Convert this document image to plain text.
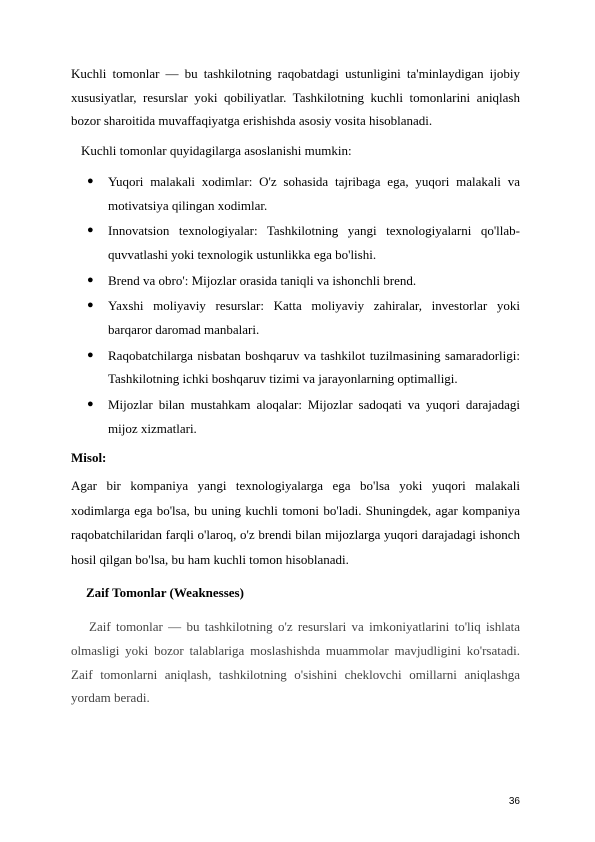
Kuchli tomonlar — bu tashkilotning raqobatdagi ustunligini ta'minlaydigan ijobiy xususiyatlar, resurslar yoki qobiliyatlar. Tashkilotning kuchli tomonlarini aniqlash bozor sharoitida muvaffaqiyatga erishishda asosiy vosita hisoblanadi.

Kuchli tomonlar quyidagilarga asoslanishi mumkin:

● Yuqori malakali xodimlar: O'z sohasida tajribaga ega, yuqori malakali va motivatsiya qilingan xodimlar.
● Innovatsion texnologiyalar: Tashkilotning yangi texnologiyalarni qo'llab-quvvatlashi yoki texnologik ustunlikka ega bo'lishi.
● Brend va obro': Mijozlar orasida taniqli va ishonchli brend.
● Yaxshi moliyaviy resurslar: Katta moliyaviy zahiralar, investorlar yoki barqaror daromad manbalari.
● Raqobatchilarga nisbatan boshqaruv va tashkilot tuzilmasining samaradorligi: Tashkilotning ichki boshqaruv tizimi va jarayonlarning optimalligi.
● Mijozlar bilan mustahkam aloqalar: Mijozlar sadoqati va yuqori darajadagi mijoz xizmatlari.

Misol:

Agar bir kompaniya yangi texnologiyalarga ega bo'lsa yoki yuqori malakali xodimlarga ega bo'lsa, bu uning kuchli tomoni bo'ladi. Shuningdek, agar kompaniya raqobatchilaridan farqli o'laroq, o'z brendi bilan mijozlarga yuqori darajadagi ishonch hosil qilgan bo'lsa, bu ham kuchli tomon hisoblanadi.

Zaif Tomonlar (Weaknesses)

Zaif tomonlar — bu tashkilotning o'z resurslari va imkoniyatlarini to'liq ishlata olmasligi yoki bozor talablariga moslashishda muammolar mavjudligini ko'rsatadi. Zaif tomonlarni aniqlash, tashkilotning o'sishini cheklovchi omillarni aniqlashga yordam beradi.

36
